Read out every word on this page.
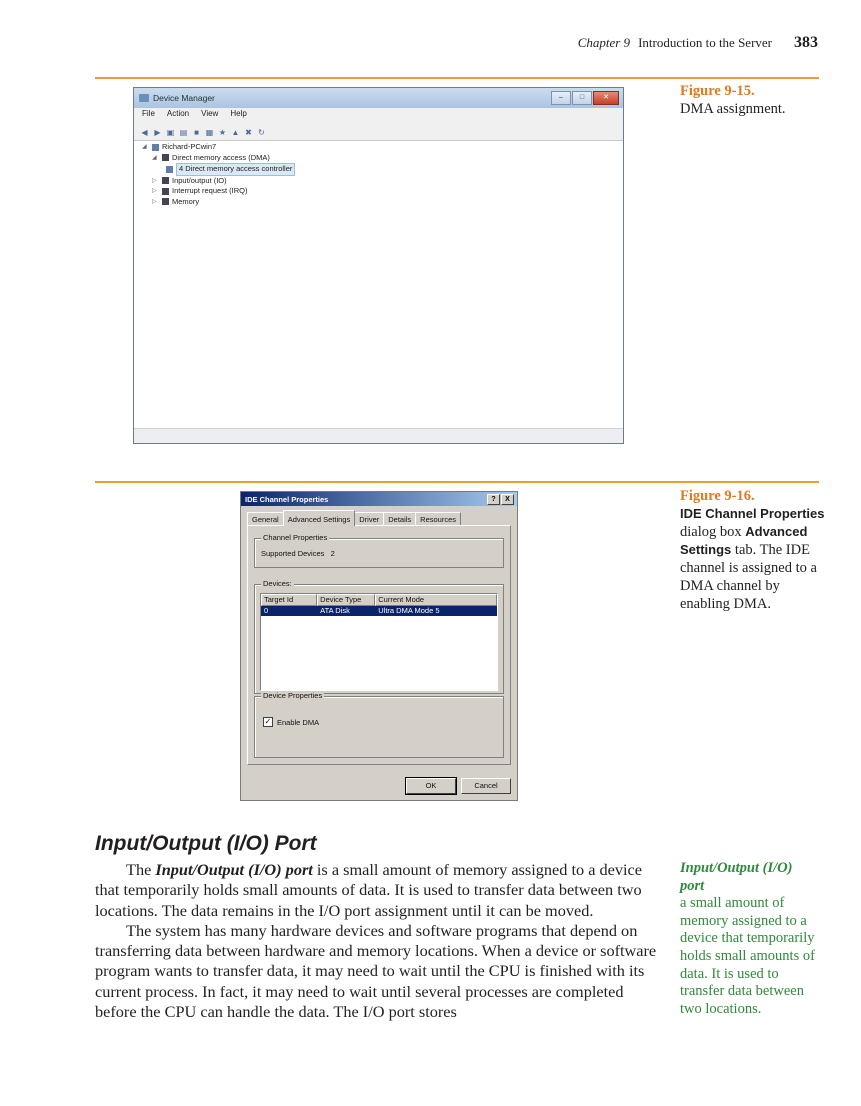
Chapter 9 Introduction to the Server 383
Figure 9-15.
DMA assignment.
Device Manager	–	□	✕
File Action View Help
◀ ▶ ▣ ▤ ■ ▦ ★ ▲ ✖ ↻
◢	Richard-PCwin7
◢	Direct memory access (DMA)
4 Direct memory access controller
▷	Input/output (IO)
▷	Interrupt request (IRQ)
▷	Memory
Figure 9-16.
IDE Channel Properties dialog box Advanced Settings tab. The IDE channel is assigned to a DMA channel by enabling DMA.
IDE Channel Properties	?	X
General	Advanced Settings	Driver	Details	Resources
Channel Properties
Supported Devices 2
Devices:
Target Id	Device Type	Current Mode
0	ATA Disk	Ultra DMA Mode 5
Device Properties
✓ Enable DMA
OK	Cancel
Input/Output (I/O) Port

The Input/Output (I/O) port is a small amount of memory assigned to a device that temporarily holds small amounts of data. It is used to transfer data between two locations. The data remains in the I/O port assignment until it can be moved.

The system has many hardware devices and software programs that depend on transferring data between hardware and memory locations. When a device or software program wants to transfer data, it may need to wait until the CPU is finished with its current process. In fact, it may need to wait until several processes are completed before the CPU can handle the data. The I/O port stores

Input/Output (I/O) port
a small amount of memory assigned to a device that temporarily holds small amounts of data. It is used to transfer data between two locations.
